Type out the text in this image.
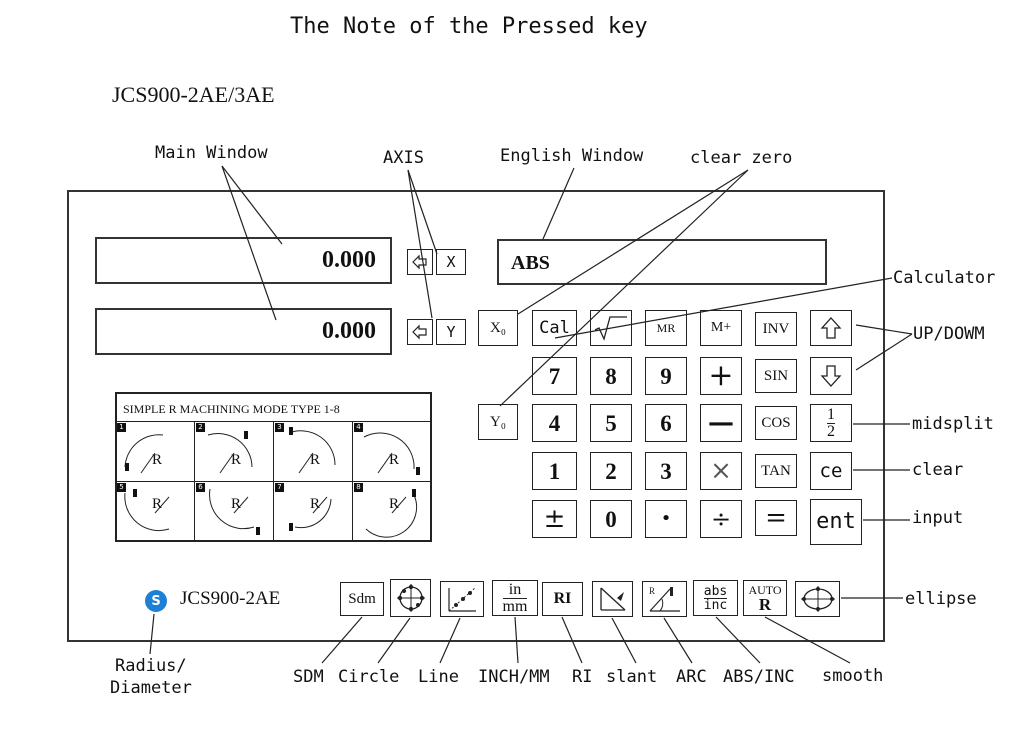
The Note of the Pressed key
JCS900-2AE/3AE
Main Window	AXIS	English Window	clear zero
Calculator
UP/DOWM
midsplit
clear
input
ellipse
Radius/
Diameter
SDM Circle Line INCH/MM RI slant ARC ABS/INC smooth
0.000
0.000
ABS
X
Y	X₀
Y₀
Cal	MR	M+	INV
7	8	9	+	SIN
4	5	6	—	COS	$\frac{1}{2}$
1	2	3	×	TAN	ce
±	0	•	÷	=	ent
SIMPLE R MACHINING MODE TYPE 1-8
1
R
2
R
3
R
4
R
5
R
6
R
7
R
8
R
S	JCS900-2AE	Sdm	$\frac{in}{mm}$	RI	R	$\frac{\text{abs}}{\text{inc}}$ AUTO
R
